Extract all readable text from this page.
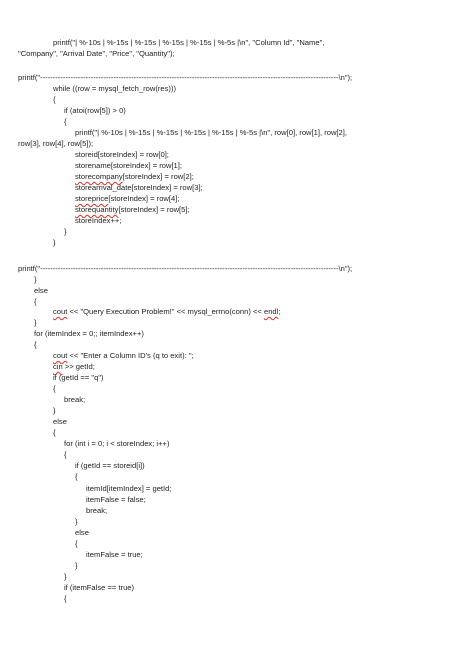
printf("| %-10s | %-15s | %-15s | %-15s | %-15s | %-5s |\n", "Column Id", "Name",
"Company", "Arrival Date", "Price", "Quantity");
printf("----------------------------------------------------------------------------------------------------------------------\n");
while ((row = mysql_fetch_row(res)))
{
if (atoi(row[5]) > 0)
{
printf("| %-10s | %-15s | %-15s | %-15s | %-15s | %-5s |\n", row[0], row[1], row[2],
row[3], row[4], row[5]);
storeid[storeIndex] = row[0];
storename[storeIndex] = row[1];
storecompany[storeIndex] = row[2];
storearrival_date[storeIndex] = row[3];
storeprice[storeIndex] = row[4];
storequantity[storeIndex] = row[5];
storeIndex++;
}
}
printf("----------------------------------------------------------------------------------------------------------------------\n");
}
else
{
cout << "Query Execution Problem!" << mysql_errno(conn) << endl;
}
for (itemIndex = 0;; itemIndex++)
{
cout << "Enter a Column ID's (q to exit): ";
cin >> getId;
if (getId == "q")
{
break;
}
else
{
for (int i = 0; i < storeIndex; i++)
{
if (getId == storeid[i])
{
itemId[itemIndex] = getId;
itemFalse = false;
break;
}
else
{
itemFalse = true;
}
}
if (itemFalse == true)
{
